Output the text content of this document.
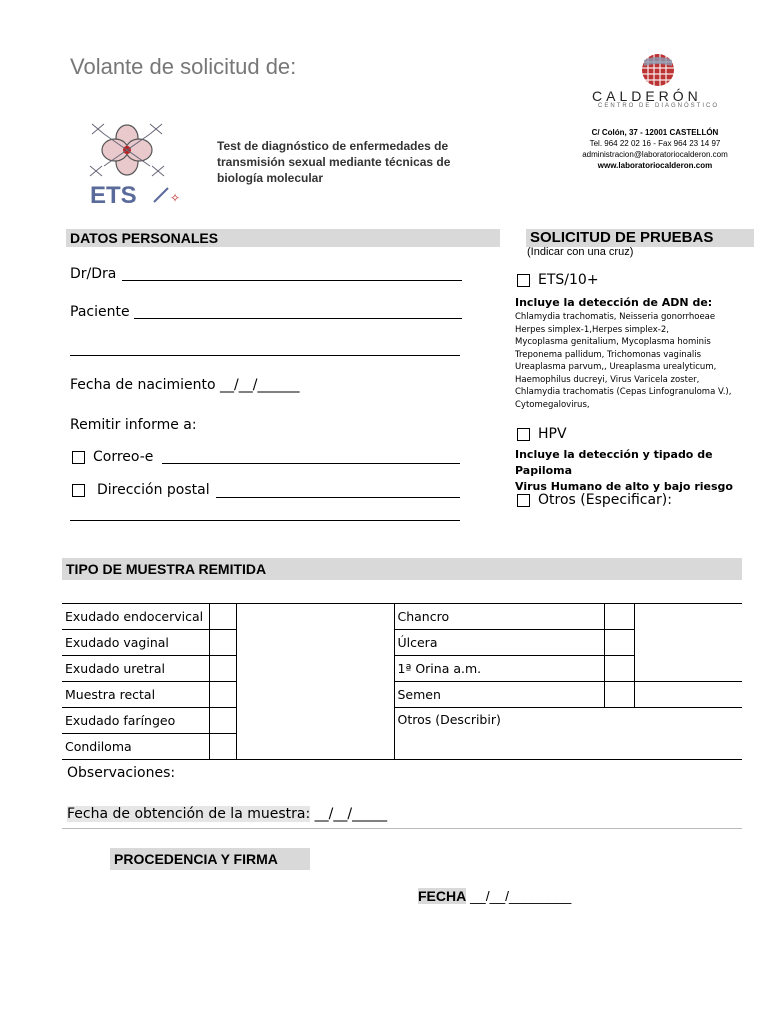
Volante de solicitud de:
CALDERÓN
CENTRO DE DIAGNÓSTICO
C/ Colón, 37 - 12001 CASTELLÓN
Tel. 964 22 02 16 - Fax 964 23 14 97
administracion@laboratoriocalderon.com
www.laboratoriocalderon.com
ETS	✧
Test de diagnóstico de enfermedades de transmisión sexual mediante técnicas de biología molecular
DATOS PERSONALES
Dr/Dra
Paciente
Fecha de nacimiento __/__/______
Remitir informe a:
Correo-e
Dirección postal
SOLICITUD DE PRUEBAS
(Indicar con una cruz)
ETS/10+
Incluye la detección de ADN de:
Chlamydia trachomatis, Neisseria gonorrhoeae
Herpes simplex-1,Herpes simplex-2,
Mycoplasma genitalium, Mycoplasma hominis
Treponema pallidum, Trichomonas vaginalis
Ureaplasma parvum,, Ureaplasma urealyticum,
Haemophilus ducreyi, Virus Varicela zoster,
Chlamydia trachomatis (Cepas Linfogranuloma V.),
Cytomegalovirus,
HPV
Incluye la detección y tipado de Papiloma
Virus Humano de alto y bajo riesgo
Otros (Especificar):
TIPO DE MUESTRA REMITIDA
Exudado endocervical			Chancro		
Exudado vaginal			Úlcera		
Exudado uretral			1ª Orina a.m.		
Muestra rectal			Semen		
Exudado faríngeo			Otros (Describir)		
Condiloma					
Observaciones:
Fecha de obtención de la muestra: __/__/_____
PROCEDENCIA Y FIRMA
FECHA __/__/________
